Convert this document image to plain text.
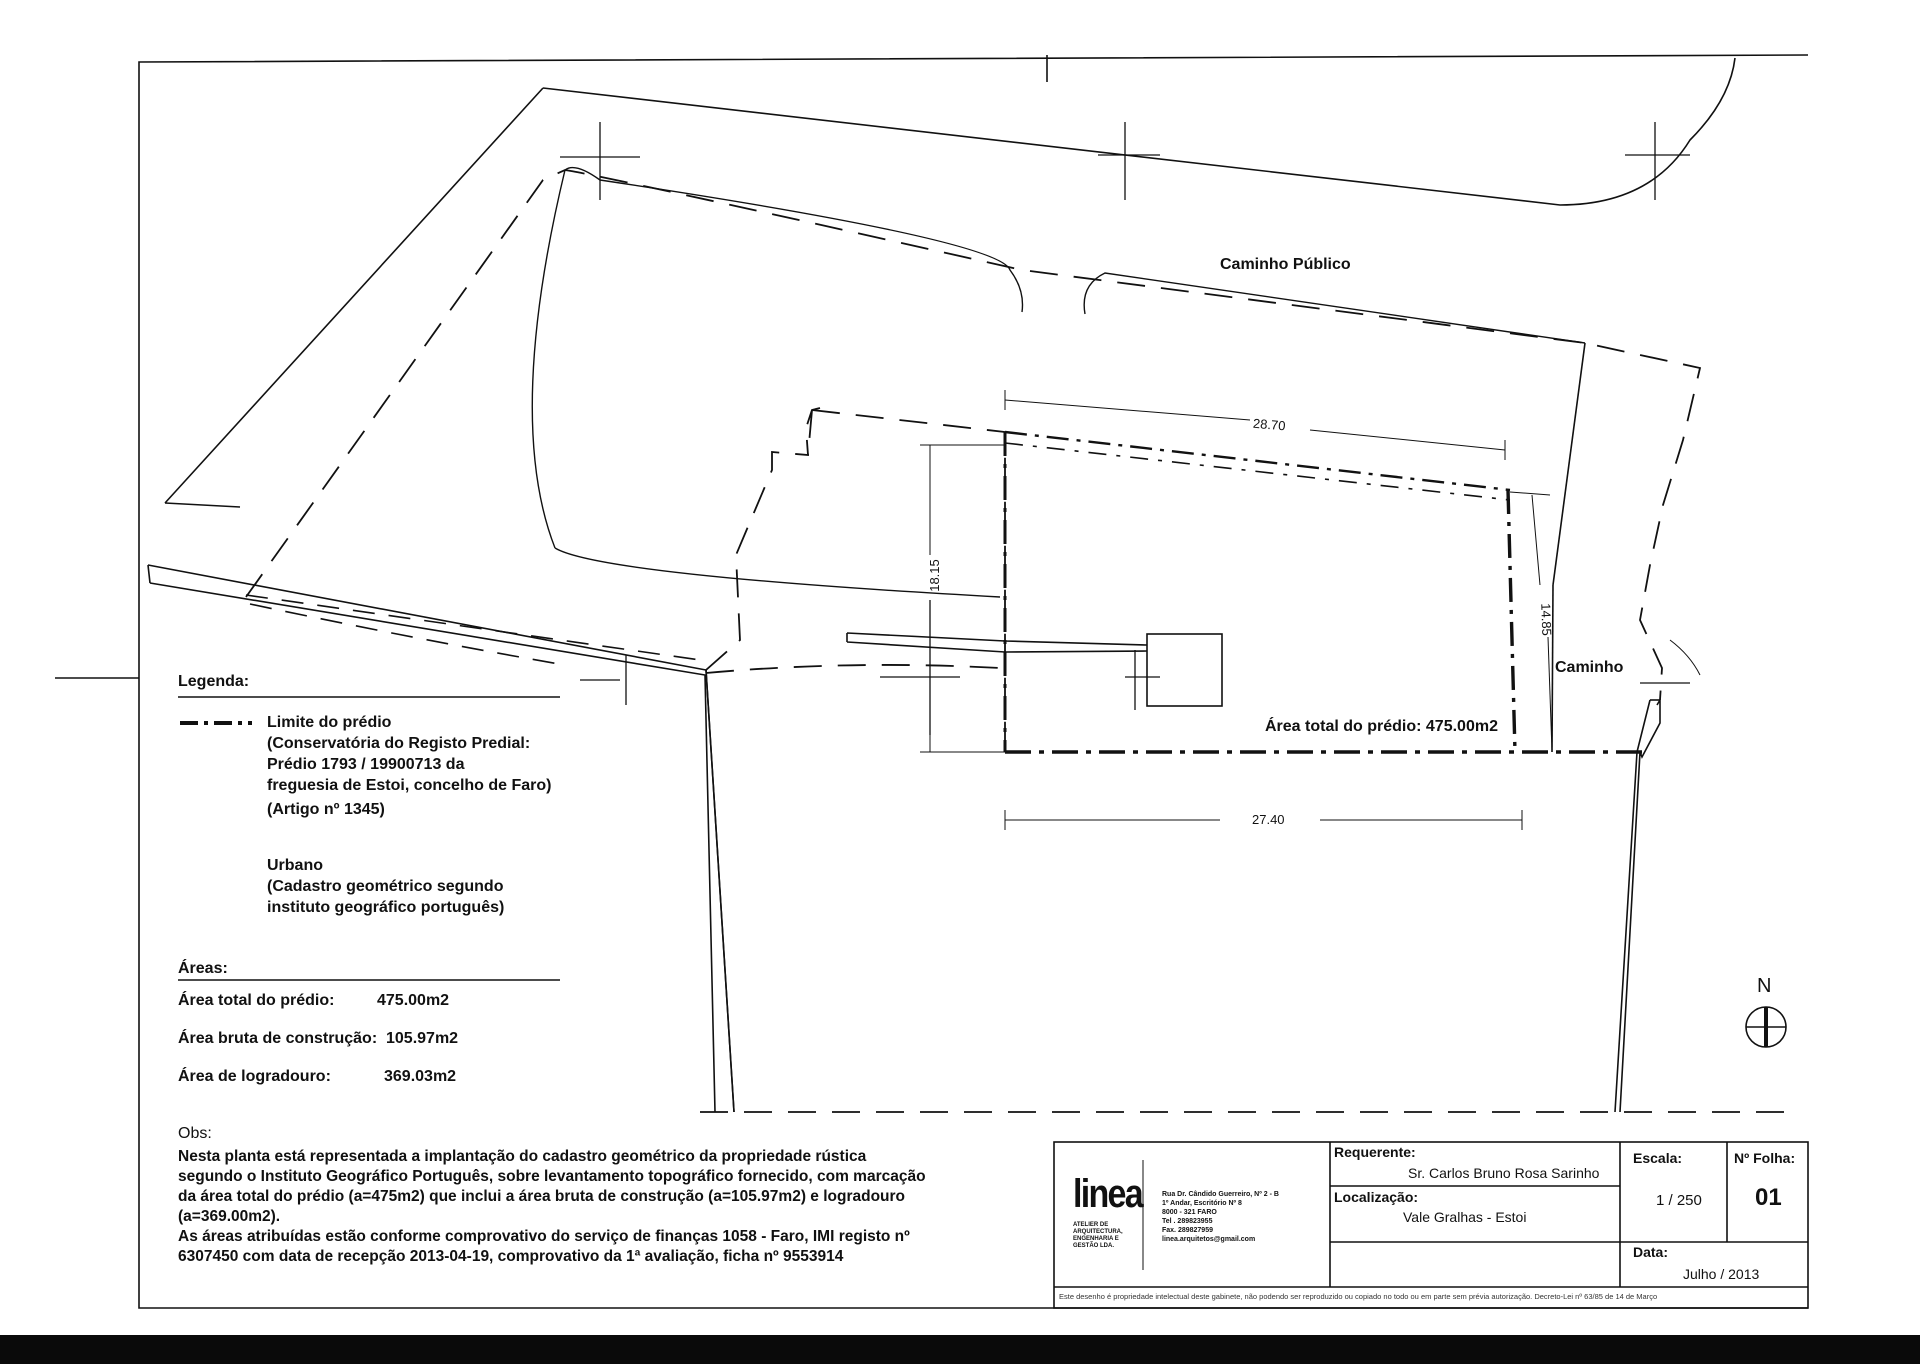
Caminho Público
Caminho
Área total do prédio: 475.00m2
28.70
18.15
14.85
27.40
N
Legenda:
Limite do prédio
(Conservatória do Registo Predial:
Prédio 1793 / 19900713 da
freguesia de Estoi, concelho de Faro)
(Artigo nº 1345)
Urbano
(Cadastro geométrico segundo
instituto geográfico português)
Áreas:
Área total do prédio:	475.00m2
Área bruta de construção: 105.97m2
Área de logradouro:	369.03m2
Obs:
Nesta planta está representada a implantação do cadastro geométrico da propriedade rústica
segundo o Instituto Geográfico Português, sobre levantamento topográfico fornecido, com marcação
da área total do prédio (a=475m2) que inclui a área bruta de construção (a=105.97m2) e logradouro
(a=369.00m2).
As áreas atribuídas estão conforme comprovativo do serviço de finanças 1058 - Faro, IMI registo nº
6307450 com data de recepção 2013-04-19, comprovativo da 1ª avaliação, ficha nº 9553914
linea
ATELIER DE
ARQUITECTURA,
ENGENHARIA E
GESTÃO LDA.
Rua Dr. Cândido Guerreiro, Nº 2 - B
1º Andar, Escritório Nº 8
8000 - 321 FARO
Tel . 289823955
Fax. 289827959
linea.arquitetos@gmail.com
Requerente:
Sr. Carlos Bruno Rosa Sarinho
Localização:
Vale Gralhas - Estoi
Escala:
1 / 250
Nº Folha:
01
Data:
Julho / 2013
Este desenho é propriedade intelectual deste gabinete, não podendo ser reproduzido ou copiado no todo ou em parte sem prévia autorização. Decreto-Lei nº 63/85 de 14 de Março
